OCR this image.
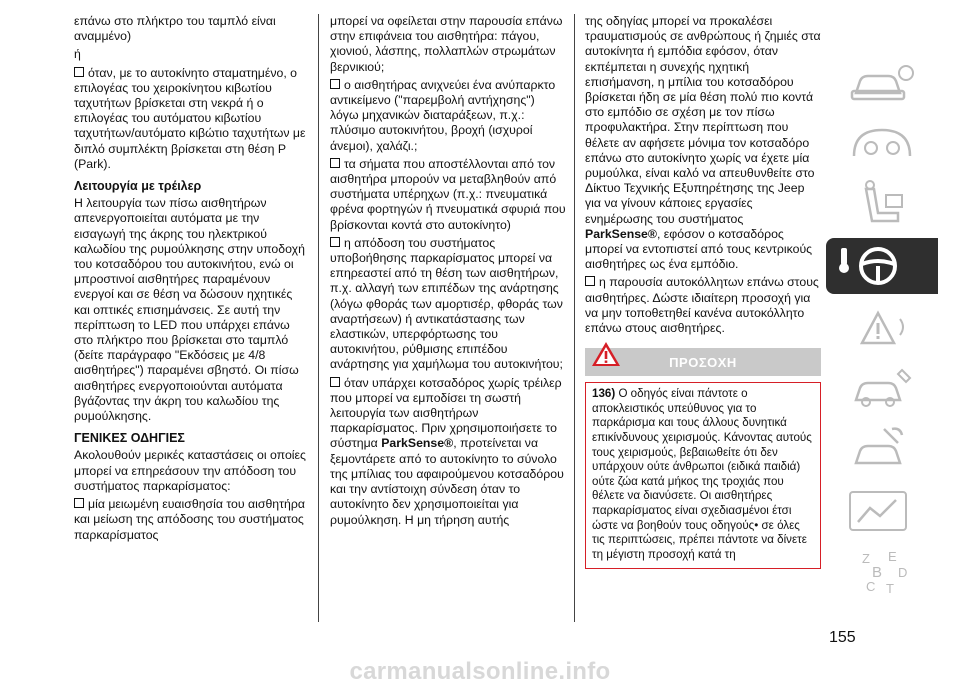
επάνω στο πλήκτρο του ταμπλό είναι αναμμένο)

ή

όταν, με το αυτοκίνητο σταματημένο, ο επιλογέας του χειροκίνητου κιβωτίου ταχυτήτων βρίσκεται στη νεκρά ή ο επιλογέας του αυτόματου κιβωτίου ταχυτήτων/αυτόματο κιβώτιο ταχυτήτων με διπλό συμπλέκτη βρίσκεται στη θέση P (Park).

Λειτουργία με τρέιλερ

Η λειτουργία των πίσω αισθητήρων απενεργοποιείται αυτόματα με την εισαγωγή της άκρης του ηλεκτρικού καλωδίου της ρυμούλκησης στην υποδοχή του κοτσαδόρου του αυτοκινήτου, ενώ οι μπροστινοί αισθητήρες παραμένουν ενεργοί και σε θέση να δώσουν ηχητικές και οπτικές επισημάνσεις. Σε αυτή την περίπτωση το LED που υπάρχει επάνω στο πλήκτρο που βρίσκεται στο ταμπλό (δείτε παράγραφο "Εκδόσεις με 4/8 αισθητήρες") παραμένει σβηστό. Οι πίσω αισθητήρες ενεργοποιούνται αυτόματα βγάζοντας την άκρη του καλωδίου της ρυμούλκησης.

ΓΕΝΙΚΕΣ ΟΔΗΓΙΕΣ

Ακολουθούν μερικές καταστάσεις οι οποίες μπορεί να επηρεάσουν την απόδοση του συστήματος παρκαρίσματος:

μία μειωμένη ευαισθησία του αισθητήρα και μείωση της απόδοσης του συστήματος παρκαρίσματος

μπορεί να οφείλεται στην παρουσία επάνω στην επιφάνεια του αισθητήρα: πάγου, χιονιού, λάσπης, πολλαπλών στρωμάτων βερνικιού;

ο αισθητήρας ανιχνεύει ένα ανύπαρκτο αντικείμενο ("παρεμβολή αντήχησης") λόγω μηχανικών διαταράξεων, π.χ.: πλύσιμο αυτοκινήτου, βροχή (ισχυροί άνεμοι), χαλάζι.;

τα σήματα που αποστέλλονται από τον αισθητήρα μπορούν να μεταβληθούν από συστήματα υπέρηχων (π.χ.: πνευματικά φρένα φορτηγών ή πνευματικά σφυριά που βρίσκονται κοντά στο αυτοκίνητο)

η απόδοση του συστήματος υποβοήθησης παρκαρίσματος μπορεί να επηρεαστεί από τη θέση των αισθητήρων, π.χ. αλλαγή των επιπέδων της ανάρτησης (λόγω φθοράς των αμορτισέρ, φθοράς των αναρτήσεων) ή αντικατάστασης των ελαστικών, υπερφόρτωσης του αυτοκινήτου, ρύθμισης επιπέδου ανάρτησης για χαμήλωμα του αυτοκινήτου;

όταν υπάρχει κοτσαδόρος χωρίς τρέιλερ που μπορεί να εμποδίσει τη σωστή λειτουργία των αισθητήρων παρκαρίσματος. Πριν χρησιμοποιήσετε το σύστημα ParkSense®, προτείνεται να ξεμοντάρετε από το αυτοκίνητο το σύνολο της μπίλιας του αφαιρούμενου κοτσαδόρου και την αντίστοιχη σύνδεση όταν το αυτοκίνητο δεν χρησιμοποιείται για ρυμούλκηση. Η μη τήρηση αυτής

της οδηγίας μπορεί να προκαλέσει τραυματισμούς σε ανθρώπους ή ζημιές στα αυτοκίνητα ή εμπόδια εφόσον, όταν εκπέμπεται η συνεχής ηχητική επισήμανση, η μπίλια του κοτσαδόρου βρίσκεται ήδη σε μία θέση πολύ πιο κοντά στο εμπόδιο σε σχέση με τον πίσω προφυλακτήρα. Στην περίπτωση που θέλετε αν αφήσετε μόνιμα τον κοτσαδόρο επάνω στο αυτοκίνητο χωρίς να έχετε μία ρυμούλκα, είναι καλό να απευθυνθείτε στο Δίκτυο Τεχνικής Εξυπηρέτησης της Jeep για να γίνουν κάποιες εργασίες ενημέρωσης του συστήματος ParkSense®, εφόσον ο κοτσαδόρος μπορεί να εντοπιστεί από τους κεντρικούς αισθητήρες ως ένα εμπόδιο.

η παρουσία αυτοκόλλητων επάνω στους αισθητήρες. Δώστε ιδιαίτερη προσοχή για να μην τοποθετηθεί κανένα αυτοκόλλητο επάνω στους αισθητήρες.

ΠΡΟΣΟΧΗ
136) Ο οδηγός είναι πάντοτε ο αποκλειστικός υπεύθυνος για το παρκάρισμα και τους άλλους δυνητικά επικίνδυνους χειρισμούς. Κάνοντας αυτούς τους χειρισμούς, βεβαιωθείτε ότι δεν υπάρχουν ούτε άνθρωποι (ειδικά παιδιά) ούτε ζώα κατά μήκος της τροχιάς που θέλετε να διανύσετε. Οι αισθητήρες παρκαρίσματος είναι σχεδιασμένοι έτσι ώστε να βοηθούν τους οδηγούς• σε όλες τις περιπτώσεις, πρέπει πάντοτε να δίνετε τη μέγιστη προσοχή κατά τη	Z E
B D
C T
155
carmanualsonline.info
